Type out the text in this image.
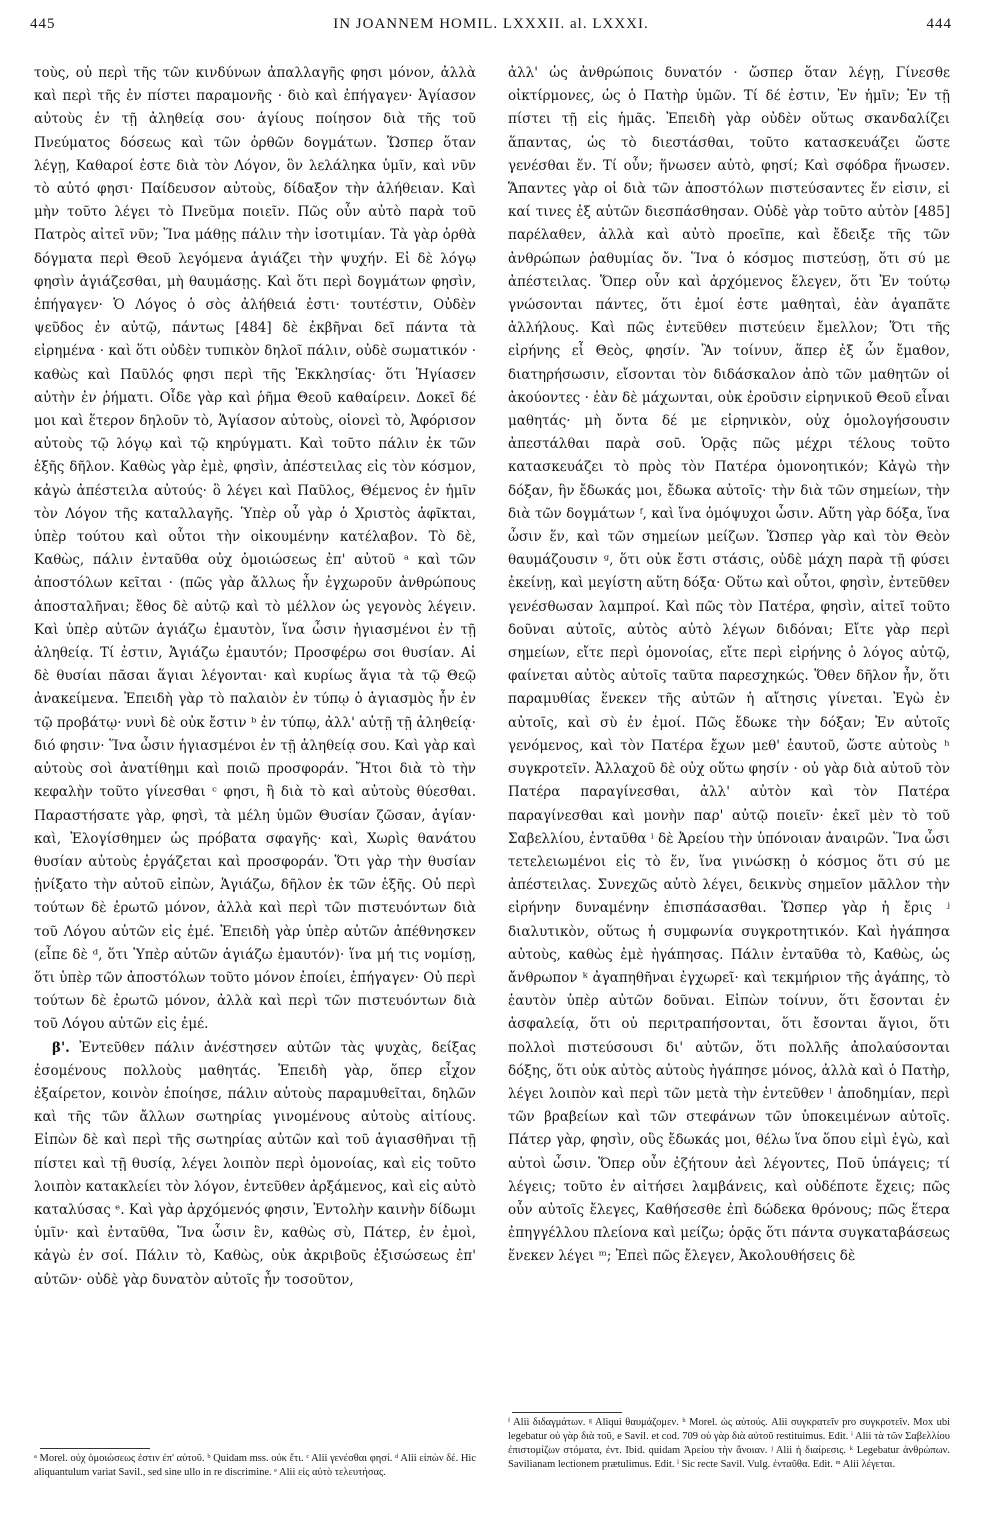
445	IN JOANNEM HOMIL. LXXXII. al. LXXXI.	444

τοὺς, οὐ περὶ τῆς τῶν κινδύνων ἀπαλλαγῆς φησι μόνον, ἀλλὰ καὶ περὶ τῆς ἐν πίστει παραμονῆς · διὸ καὶ ἐπήγαγεν· Ἁγίασον αὐτοὺς ἐν τῇ ἀληθείᾳ σου· ἁγίους ποίησον διὰ τῆς τοῦ Πνεύματος δόσεως καὶ τῶν ὀρθῶν δογμάτων. Ὥσπερ ὅταν λέγῃ, Καθαροί ἐστε διὰ τὸν Λόγον, ὃν λελάληκα ὑμῖν, καὶ νῦν τὸ αὐτό φησι· Παίδευσον αὐτοὺς, δίδαξον τὴν ἀλήθειαν. Καὶ μὴν τοῦτο λέγει τὸ Πνεῦμα ποιεῖν. Πῶς οὖν αὐτὸ παρὰ τοῦ Πατρὸς αἰτεῖ νῦν; Ἵνα μάθῃς πάλιν τὴν ἰσοτιμίαν. Τὰ γὰρ ὀρθὰ δόγματα περὶ Θεοῦ λεγόμενα ἁγιάζει τὴν ψυχήν. Εἰ δὲ λόγῳ φησὶν ἁγιάζεσθαι, μὴ θαυμάσῃς. Καὶ ὅτι περὶ δογμάτων φησὶν, ἐπήγαγεν· Ὁ Λόγος ὁ σὸς ἀλήθειά ἐστι· τουτέστιν, Οὐδὲν ψεῦδος ἐν αὐτῷ, πάντως [484] δὲ ἐκβῆναι δεῖ πάντα τὰ εἰρημένα · καὶ ὅτι οὐδὲν τυπικὸν δηλοῖ πάλιν, οὐδὲ σωματικόν · καθὼς καὶ Παῦλός φησι περὶ τῆς Ἐκκλησίας· ὅτι Ἡγίασεν αὐτὴν ἐν ῥήματι. Οἶδε γὰρ καὶ ῥῆμα Θεοῦ καθαίρειν. Δοκεῖ δέ μοι καὶ ἕτερον δηλοῦν τὸ, Ἁγίασον αὐτοὺς, οἱονεὶ τὸ, Ἀφόρισον αὐτοὺς τῷ λόγῳ καὶ τῷ κηρύγματι. Καὶ τοῦτο πάλιν ἐκ τῶν ἑξῆς δῆλον. Καθὼς γὰρ ἐμὲ, φησὶν, ἀπέστειλας εἰς τὸν κόσμον, κἀγὼ ἀπέστειλα αὐτούς· ὃ λέγει καὶ Παῦλος, Θέμενος ἐν ἡμῖν τὸν Λόγον τῆς καταλλαγῆς. Ὑπὲρ οὗ γὰρ ὁ Χριστὸς ἀφῖκται, ὑπὲρ τούτου καὶ οὗτοι τὴν οἰκουμένην κατέλαβον. Τὸ δὲ, Καθὼς, πάλιν ἐνταῦθα οὐχ ὁμοιώσεως ἐπ' αὐτοῦ ᵃ καὶ τῶν ἀποστόλων κεῖται · (πῶς γὰρ ἄλλως ἦν ἐγχωροῦν ἀνθρώπους ἀποσταλῆναι; ἔθος δὲ αὐτῷ καὶ τὸ μέλλον ὡς γεγονὸς λέγειν. Καὶ ὑπὲρ αὐτῶν ἁγιάζω ἐμαυτὸν, ἵνα ὦσιν ἡγιασμένοι ἐν τῇ ἀληθείᾳ. Τί ἐστιν, Ἁγιάζω ἐμαυτόν; Προσφέρω σοι θυσίαν. Αἱ δὲ θυσίαι πᾶσαι ἅγιαι λέγονται· καὶ κυρίως ἅγια τὰ τῷ Θεῷ ἀνακείμενα. Ἐπειδὴ γὰρ τὸ παλαιὸν ἐν τύπῳ ὁ ἁγιασμὸς ἦν ἐν τῷ προβάτῳ· νυνὶ δὲ οὐκ ἔστιν ᵇ ἐν τύπῳ, ἀλλ' αὐτῇ τῇ ἀληθείᾳ· διό φησιν· Ἵνα ὦσιν ἡγιασμένοι ἐν τῇ ἀληθείᾳ σου. Καὶ γὰρ καὶ αὐτοὺς σοὶ ἀνατίθημι καὶ ποιῶ προσφοράν. Ἤτοι διὰ τὸ τὴν κεφαλὴν τοῦτο γίνεσθαι ᶜ φησι, ἢ διὰ τὸ καὶ αὐτοὺς θύεσθαι. Παραστήσατε γὰρ, φησὶ, τὰ μέλη ὑμῶν Θυσίαν ζῶσαν, ἁγίαν· καὶ, Ἐλογίσθημεν ὡς πρόβατα σφαγῆς· καὶ, Χωρὶς θανάτου θυσίαν αὐτοὺς ἐργάζεται καὶ προσφοράν. Ὅτι γὰρ τὴν θυσίαν ᾐνίξατο τὴν αὐτοῦ εἰπὼν, Ἁγιάζω, δῆλον ἐκ τῶν ἑξῆς. Οὐ περὶ τούτων δὲ ἐρωτῶ μόνον, ἀλλὰ καὶ περὶ τῶν πιστευόντων διὰ τοῦ Λόγου αὐτῶν εἰς ἐμέ. Ἐπειδὴ γὰρ ὑπὲρ αὐτῶν ἀπέθνησκεν (εἶπε δὲ ᵈ, ὅτι Ὑπὲρ αὐτῶν ἁγιάζω ἐμαυτόν)· ἵνα μή τις νομίσῃ, ὅτι ὑπὲρ τῶν ἀποστόλων τοῦτο μόνον ἐποίει, ἐπήγαγεν· Οὐ περὶ τούτων δὲ ἐρωτῶ μόνον, ἀλλὰ καὶ περὶ τῶν πιστευόντων διὰ τοῦ Λόγου αὐτῶν εἰς ἐμέ.

β'. Ἐντεῦθεν πάλιν ἀνέστησεν αὐτῶν τὰς ψυχὰς, δείξας ἐσομένους πολλοὺς μαθητάς. Ἐπειδὴ γὰρ, ὅπερ εἶχον ἐξαίρετον, κοινὸν ἐποίησε, πάλιν αὐτοὺς παραμυθεῖται, δηλῶν καὶ τῆς τῶν ἄλλων σωτηρίας γινομένους αὐτοὺς αἰτίους. Εἰπὼν δὲ καὶ περὶ τῆς σωτηρίας αὐτῶν καὶ τοῦ ἁγιασθῆναι τῇ πίστει καὶ τῇ θυσίᾳ, λέγει λοιπὸν περὶ ὁμονοίας, καὶ εἰς τοῦτο λοιπὸν κατακλείει τὸν λόγον, ἐντεῦθεν ἀρξάμενος, καὶ εἰς αὐτὸ καταλύσας ᵉ. Καὶ γὰρ ἀρχόμενός φησιν, Ἐντολὴν καινὴν δίδωμι ὑμῖν· καὶ ἐνταῦθα, Ἵνα ὦσιν ἓν, καθὼς σὺ, Πάτερ, ἐν ἐμοὶ, κἀγὼ ἐν σοί. Πάλιν τὸ, Καθὼς, οὐκ ἀκριβοῦς ἐξισώσεως ἐπ' αὐτῶν· οὐδὲ γὰρ δυνατὸν αὐτοῖς ἦν τοσοῦτον,

ἀλλ' ὡς ἀνθρώποις δυνατόν · ὥσπερ ὅταν λέγῃ, Γίνεσθε οἰκτίρμονες, ὡς ὁ Πατὴρ ὑμῶν. Τί δέ ἐστιν, Ἐν ἡμῖν; Ἐν τῇ πίστει τῇ εἰς ἡμᾶς. Ἐπειδὴ γὰρ οὐδὲν οὕτως σκανδαλίζει ἅπαντας, ὡς τὸ διεστάσθαι, τοῦτο κατασκευάζει ὥστε γενέσθαι ἕν. Τί οὖν; ἥνωσεν αὐτὸ, φησί; Καὶ σφόδρα ἥνωσεν. Ἅπαντες γὰρ οἱ διὰ τῶν ἀποστόλων πιστεύσαντες ἕν εἰσιν, εἰ καί τινες ἐξ αὐτῶν διεσπάσθησαν. Οὐδὲ γὰρ τοῦτο αὐτὸν [485] παρέλαθεν, ἀλλὰ καὶ αὐτὸ προεῖπε, καὶ ἔδειξε τῆς τῶν ἀνθρώπων ῥαθυμίας ὄν. Ἵνα ὁ κόσμος πιστεύσῃ, ὅτι σύ με ἀπέστειλας. Ὅπερ οὖν καὶ ἀρχόμενος ἔλεγεν, ὅτι Ἐν τούτῳ γνώσονται πάντες, ὅτι ἐμοί ἐστε μαθηταὶ, ἐὰν ἀγαπᾶτε ἀλλήλους. Καὶ πῶς ἐντεῦθεν πιστεύειν ἔμελλον; Ὅτι τῆς εἰρήνης εἶ Θεὸς, φησίν. Ἂν τοίνυν, ἅπερ ἐξ ὧν ἔμαθον, διατηρήσωσιν, εἴσονται τὸν διδάσκαλον ἀπὸ τῶν μαθητῶν οἱ ἀκούοντες · ἐὰν δὲ μάχωνται, οὐκ ἐροῦσιν εἰρηνικοῦ Θεοῦ εἶναι μαθητάς· μὴ ὄντα δέ με εἰρηνικὸν, οὐχ ὁμολογήσουσιν ἀπεστάλθαι παρὰ σοῦ. Ὁρᾷς πῶς μέχρι τέλους τοῦτο κατασκευάζει τὸ πρὸς τὸν Πατέρα ὁμονοητικόν; Κἀγὼ τὴν δόξαν, ἣν ἔδωκάς μοι, ἔδωκα αὐτοῖς· τὴν διὰ τῶν σημείων, τὴν διὰ τῶν δογμάτων ᶠ, καὶ ἵνα ὁμόψυχοι ὦσιν. Αὕτη γὰρ δόξα, ἵνα ὦσιν ἕν, καὶ τῶν σημείων μείζων. Ὥσπερ γὰρ καὶ τὸν Θεὸν θαυμάζουσιν ᵍ, ὅτι οὐκ ἔστι στάσις, οὐδὲ μάχη παρὰ τῇ φύσει ἐκείνῃ, καὶ μεγίστη αὕτη δόξα· Οὕτω καὶ οὗτοι, φησὶν, ἐντεῦθεν γενέσθωσαν λαμπροί. Καὶ πῶς τὸν Πατέρα, φησὶν, αἰτεῖ τοῦτο δοῦναι αὐτοῖς, αὐτὸς αὐτὸ λέγων διδόναι; Εἴτε γὰρ περὶ σημείων, εἴτε περὶ ὁμονοίας, εἴτε περὶ εἰρήνης ὁ λόγος αὐτῷ, φαίνεται αὐτὸς αὐτοῖς ταῦτα παρεσχηκώς. Ὅθεν δῆλον ἦν, ὅτι παραμυθίας ἕνεκεν τῆς αὐτῶν ἡ αἴτησις γίνεται. Ἐγὼ ἐν αὐτοῖς, καὶ σὺ ἐν ἐμοί. Πῶς ἔδωκε τὴν δόξαν; Ἐν αὐτοῖς γενόμενος, καὶ τὸν Πατέρα ἔχων μεθ' ἑαυτοῦ, ὥστε αὐτοὺς ʰ συγκροτεῖν. Ἀλλαχοῦ δὲ οὐχ οὕτω φησίν · οὐ γὰρ διὰ αὐτοῦ τὸν Πατέρα παραγίνεσθαι, ἀλλ' αὐτὸν καὶ τὸν Πατέρα παραγίνεσθαι καὶ μονὴν παρ' αὐτῷ ποιεῖν· ἐκεῖ μὲν τὸ τοῦ Σαβελλίου, ἐνταῦθα ⁱ δὲ Ἀρείου τὴν ὑπόνοιαν ἀναιρῶν. Ἵνα ὦσι τετελειωμένοι εἰς τὸ ἕν, ἵνα γινώσκῃ ὁ κόσμος ὅτι σύ με ἀπέστειλας. Συνεχῶς αὐτὸ λέγει, δεικνὺς σημεῖον μᾶλλον τὴν εἰρήνην δυναμένην ἐπισπάσασθαι. Ὥσπερ γὰρ ἡ ἔρις ʲ διαλυτικὸν, οὕτως ἡ συμφωνία συγκροτητικόν. Καὶ ἠγάπησα αὐτοὺς, καθὼς ἐμὲ ἠγάπησας. Πάλιν ἐνταῦθα τὸ, Καθὼς, ὡς ἄνθρωπον ᵏ ἀγαπηθῆναι ἐγχωρεῖ· καὶ τεκμήριον τῆς ἀγάπης, τὸ ἑαυτὸν ὑπὲρ αὐτῶν δοῦναι. Εἰπὼν τοίνυν, ὅτι ἔσονται ἐν ἀσφαλείᾳ, ὅτι οὐ περιτραπήσονται, ὅτι ἔσονται ἅγιοι, ὅτι πολλοὶ πιστεύσουσι δι' αὐτῶν, ὅτι πολλῆς ἀπολαύσονται δόξης, ὅτι οὐκ αὐτὸς αὐτοὺς ἠγάπησε μόνος, ἀλλὰ καὶ ὁ Πατὴρ, λέγει λοιπὸν καὶ περὶ τῶν μετὰ τὴν ἐντεῦθεν ˡ ἀποδημίαν, περὶ τῶν βραβείων καὶ τῶν στεφάνων τῶν ὑποκειμένων αὐτοῖς. Πάτερ γὰρ, φησὶν, οὓς ἔδωκάς μοι, θέλω ἵνα ὅπου εἰμὶ ἐγὼ, καὶ αὐτοὶ ὦσιν. Ὅπερ οὖν ἐζήτουν ἀεὶ λέγοντες, Ποῦ ὑπάγεις; τί λέγεις; τοῦτο ἐν αἰτήσει λαμβάνεις, καὶ οὐδέποτε ἔχεις; πῶς οὖν αὐτοῖς ἔλεγες, Καθήσεσθε ἐπὶ δώδεκα θρόνους; πῶς ἕτερα ἐπηγγέλλου πλείονα καὶ μείζω; ὁρᾷς ὅτι πάντα συγκαταβάσεως ἕνεκεν λέγει ᵐ; Ἐπεὶ πῶς ἔλεγεν, Ἀκολουθήσεις δὲ

ᵃ Morel. οὐχ ὁμοιώσεως ἐστιν ἐπ' αὐτοῦ. ᵇ Quidam mss. οὐκ ἔτι. ᶜ Alii γενέσθαι φησί. ᵈ Alii εἰπὼν δέ. Hic aliquantulum variat Savil., sed sine ullo in re discrimine. ᵉ Alii εἰς αὐτὸ τελευτήσας.
ᶠ Alii διδαγμάτων. ᵍ Aliqui θαυμάζομεν. ʰ Morel. ὡς αὐτούς. Alii συγκρατεῖν pro συγκροτεῖν. Mox ubi legebatur οὐ γὰρ διὰ τοῦ, e Savil. et cod. 709 οὐ γὰρ διὰ αὐτοῦ restituimus. Edit. ⁱ Alii τὰ τῶν Σαβελλίου ἐπιστομίζων στόματα, ἐντ. Ibid. quidam Ἀρείου τὴν ἄνοιαν. ʲ Alii ἡ διαίρεσις. ᵏ Legebatur ἀνθρώπων. Savilianam lectionem prætulimus. Edit. ˡ Sic recte Savil. Vulg. ἐνταῦθα. Edit. ᵐ Alii λέγεται.
